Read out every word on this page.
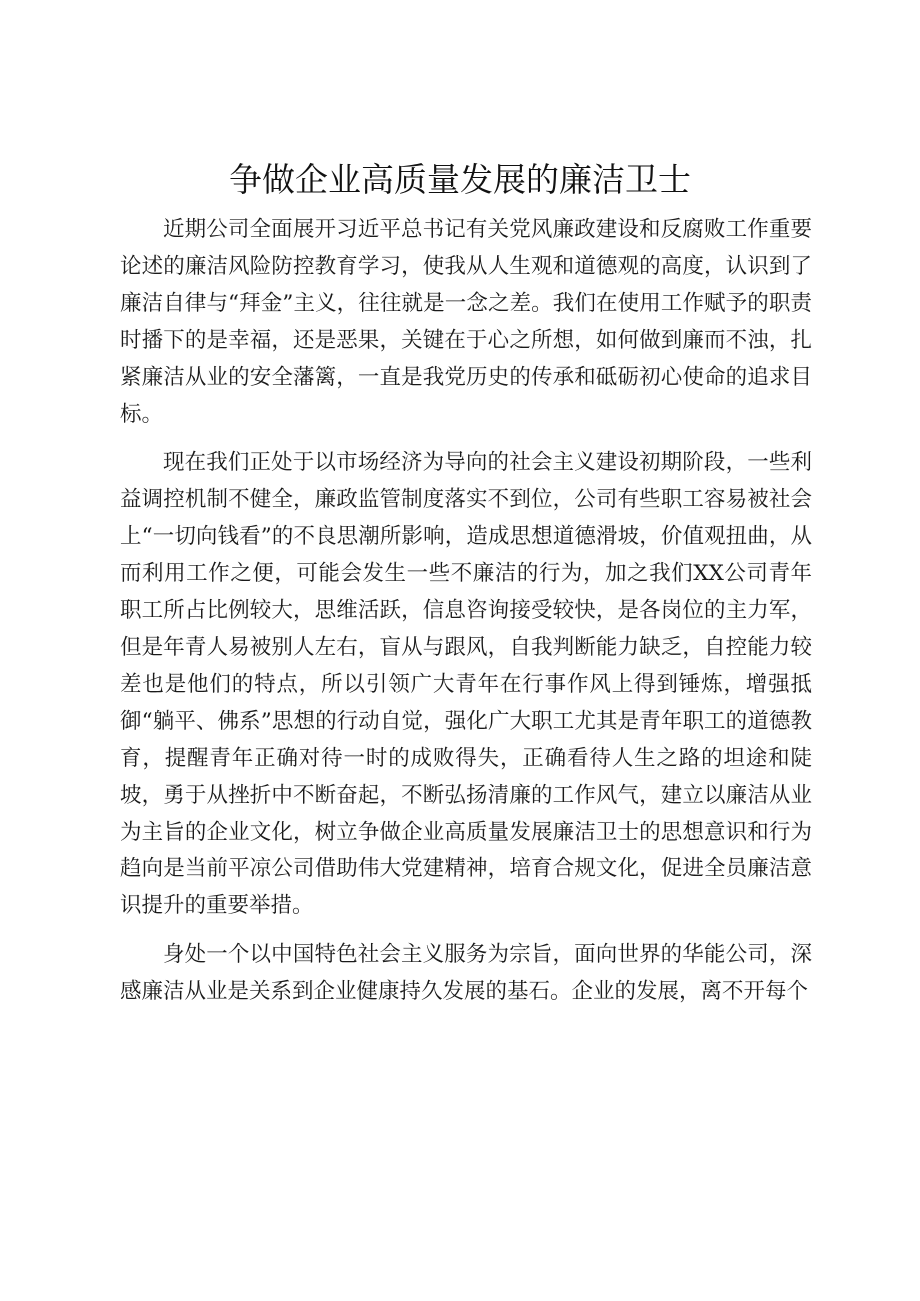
争做企业高质量发展的廉洁卫士

近期公司全面展开习近平总书记有关党风廉政建设和反腐败工作重要论述的廉洁风险防控教育学习，使我从人生观和道德观的高度，认识到了廉洁自律与“拜金”主义，往往就是一念之差。我们在使用工作赋予的职责时播下的是幸福，还是恶果，关键在于心之所想，如何做到廉而不浊，扎紧廉洁从业的安全藩篱，一直是我党历史的传承和砥砺初心使命的追求目标。

现在我们正处于以市场经济为导向的社会主义建设初期阶段，一些利益调控机制不健全，廉政监管制度落实不到位，公司有些职工容易被社会上“一切向钱看”的不良思潮所影响，造成思想道德滑坡，价值观扭曲，从而利用工作之便，可能会发生一些不廉洁的行为，加之我们XX公司青年职工所占比例较大，思维活跃，信息咨询接受较快，是各岗位的主力军，但是年青人易被别人左右，盲从与跟风，自我判断能力缺乏，自控能力较差也是他们的特点，所以引领广大青年在行事作风上得到锤炼，增强抵御“躺平、佛系”思想的行动自觉，强化广大职工尤其是青年职工的道德教育，提醒青年正确对待一时的成败得失，正确看待人生之路的坦途和陡坡，勇于从挫折中不断奋起，不断弘扬清廉的工作风气，建立以廉洁从业为主旨的企业文化，树立争做企业高质量发展廉洁卫士的思想意识和行为趋向是当前平凉公司借助伟大党建精神，培育合规文化，促进全员廉洁意识提升的重要举措。

身处一个以中国特色社会主义服务为宗旨，面向世界的华能公司，深感廉洁从业是关系到企业健康持久发展的基石。企业的发展，离不开每个
